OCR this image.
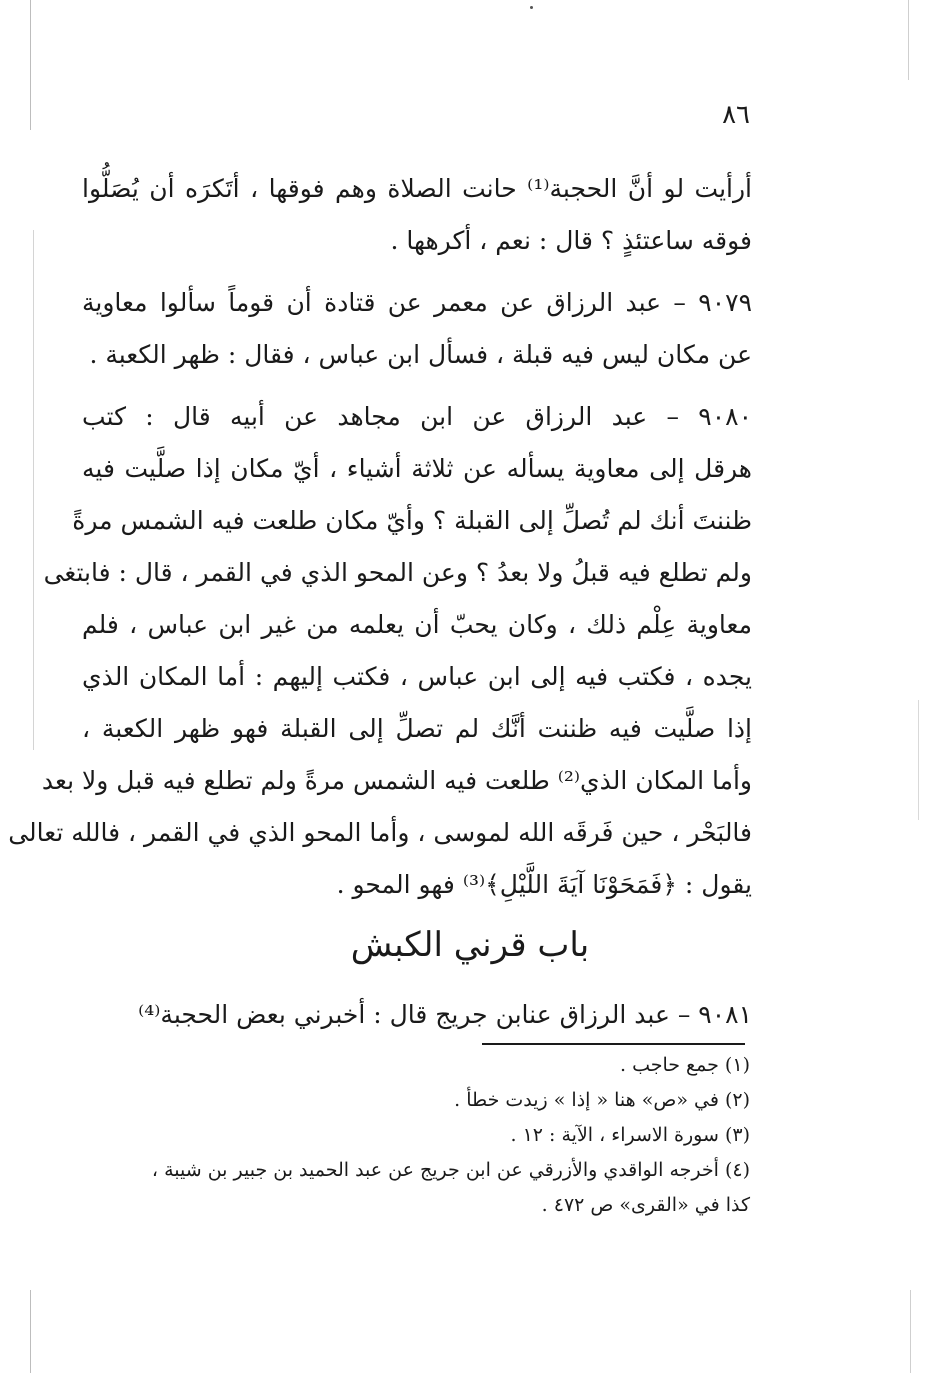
٨٦
أرأيت لو أنَّ الحجبة⁽¹⁾ حانت الصلاة وهم فوقها ، أتَكرَه أن يُصَلُّوا
فوقه ساعتئذٍ ؟ قال : نعم ، أكرهها .
٩٠٧٩ – عبد الرزاق عن معمر عن قتادة أن قوماً سألوا معاوية
عن مكان ليس فيه قبلة ، فسأل ابن عباس ، فقال : ظهر الكعبة .
٩٠٨٠ – عبد الرزاق عن ابن مجاهد عن أبيه قال : كتب
هرقل إلى معاوية يسأله عن ثلاثة أشياء ، أيّ مكان إذا صلَّيت فيه
ظننتَ أنك لم تُصلِّ إلى القبلة ؟ وأيّ مكان طلعت فيه الشمس مرةً
ولم تطلع فيه قبلُ ولا بعدُ ؟ وعن المحو الذي في القمر ، قال : فابتغى
معاوية عِلْم ذلك ، وكان يحبّ أن يعلمه من غير ابن عباس ، فلم
يجده ، فكتب فيه إلى ابن عباس ، فكتب إليهم : أما المكان الذي
إذا صلَّيت فيه ظننت أنَّك لم تصلِّ إلى القبلة فهو ظهر الكعبة ،
وأما المكان الذي⁽²⁾ طلعت فيه الشمس مرةً ولم تطلع فيه قبل ولا بعد
فالبَحْر ، حين فَرقَه الله لموسى ، وأما المحو الذي في القمر ، فالله تعالى
يقول : ﴿فَمَحَوْنَا آيَةَ اللَّيْلِ﴾⁽³⁾ فهو المحو .
باب قرني الكبش
٩٠٨١ – عبد الرزاق عنابن جريج قال : أخبرني بعض الحجبة⁽⁴⁾
(١) جمع حاجب .
(٢) في «ص» هنا « إذا » زيدت خطأ .
(٣) سورة الاسراء ، الآية : ١٢ .
(٤) أخرجه الواقدي والأزرقي عن ابن جريج عن عبد الحميد بن جبير بن شيبة ،
كذا في «القرى» ص ٤٧٢ .
